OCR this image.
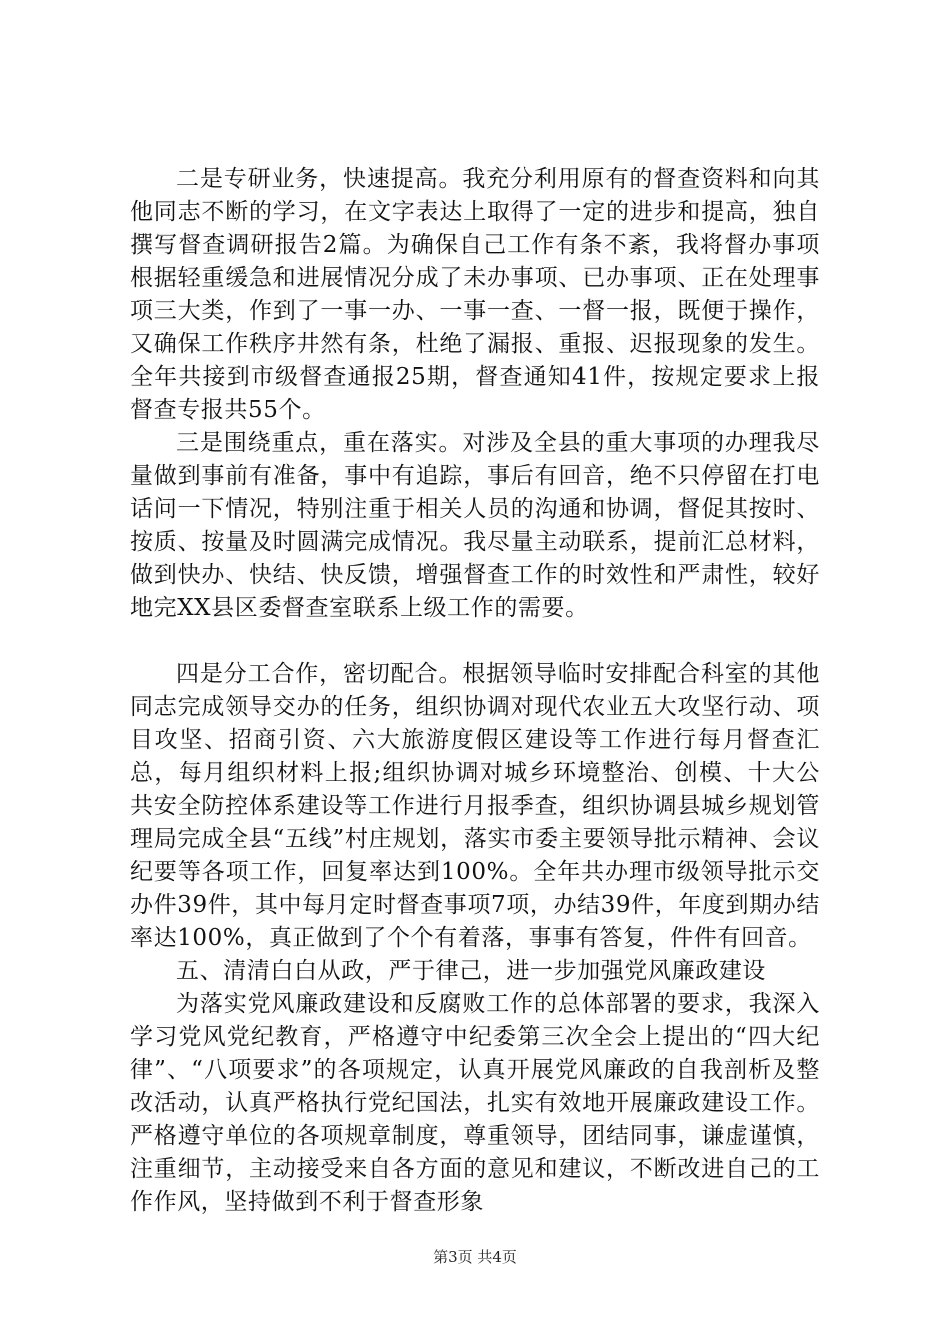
二是专研业务，快速提高。我充分利用原有的督查资料和向其他同志不断的学习，在文字表达上取得了一定的进步和提高，独自撰写督查调研报告2篇。为确保自己工作有条不紊，我将督办事项根据轻重缓急和进展情况分成了未办事项、已办事项、正在处理事项三大类，作到了一事一办、一事一查、一督一报，既便于操作，又确保工作秩序井然有条，杜绝了漏报、重报、迟报现象的发生。全年共接到市级督查通报25期，督查通知41件，按规定要求上报督查专报共55个。

三是围绕重点，重在落实。对涉及全县的重大事项的办理我尽量做到事前有准备，事中有追踪，事后有回音，绝不只停留在打电话问一下情况，特别注重于相关人员的沟通和协调，督促其按时、按质、按量及时圆满完成情况。我尽量主动联系，提前汇总材料，做到快办、快结、快反馈，增强督查工作的时效性和严肃性，较好地完XX县区委督查室联系上级工作的需要。

四是分工合作，密切配合。根据领导临时安排配合科室的其他同志完成领导交办的任务，组织协调对现代农业五大攻坚行动、项目攻坚、招商引资、六大旅游度假区建设等工作进行每月督查汇总，每月组织材料上报;组织协调对城乡环境整治、创模、十大公共安全防控体系建设等工作进行月报季查，组织协调县城乡规划管理局完成全县“五线”村庄规划，落实市委主要领导批示精神、会议纪要等各项工作，回复率达到100%。全年共办理市级领导批示交办件39件，其中每月定时督查事项7项，办结39件，年度到期办结率达100%，真正做到了个个有着落，事事有答复，件件有回音。

五、清清白白从政，严于律己，进一步加强党风廉政建设

为落实党风廉政建设和反腐败工作的总体部署的要求，我深入学习党风党纪教育，严格遵守中纪委第三次全会上提出的“四大纪律”、“八项要求”的各项规定，认真开展党风廉政的自我剖析及整改活动，认真严格执行党纪国法，扎实有效地开展廉政建设工作。严格遵守单位的各项规章制度，尊重领导，团结同事，谦虚谨慎，注重细节，主动接受来自各方面的意见和建议，不断改进自己的工作作风，坚持做到不利于督查形象

第3页 共4页
